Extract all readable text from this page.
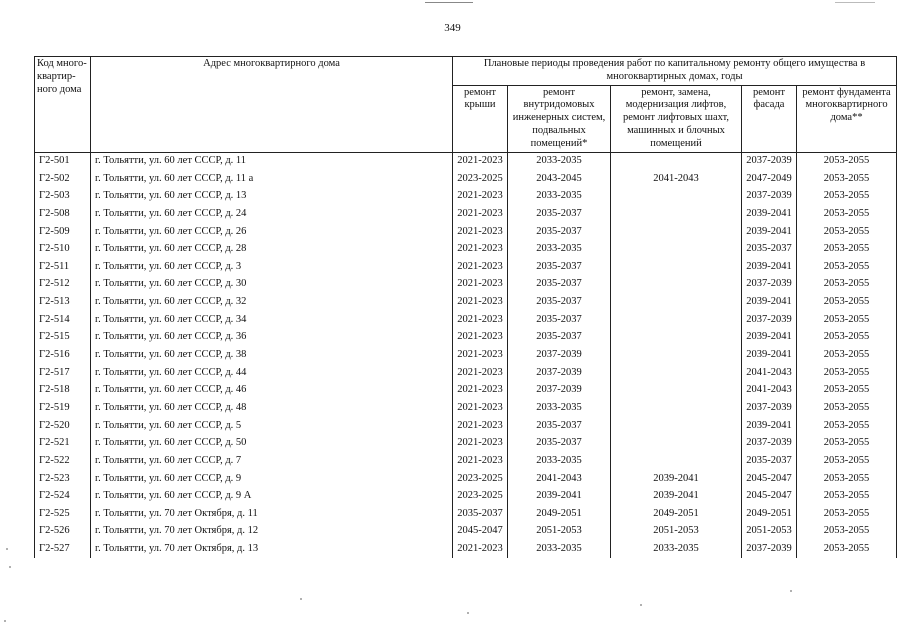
349
Код много-квартир-ного дома	Адрес многоквартирного дома	Плановые периоды проведения работ по капитальному ремонту общего имущества в многоквартирных домах, годы				
		ремонт крыши	ремонт внутридомовых инженерных систем, подвальных помещений*	ремонт, замена, модернизация лифтов, ремонт лифтовых шахт, машинных и блочных помещений	ремонт фасада	ремонт фундамента многоквартирного дома**
Г2-501	г. Тольятти, ул. 60 лет СССР, д. 11	2021-2023	2033-2035		2037-2039	2053-2055
Г2-502	г. Тольятти, ул. 60 лет СССР, д. 11 а	2023-2025	2043-2045	2041-2043	2047-2049	2053-2055
Г2-503	г. Тольятти, ул. 60 лет СССР, д. 13	2021-2023	2033-2035		2037-2039	2053-2055
Г2-508	г. Тольятти, ул. 60 лет СССР, д. 24	2021-2023	2035-2037		2039-2041	2053-2055
Г2-509	г. Тольятти, ул. 60 лет СССР, д. 26	2021-2023	2035-2037		2039-2041	2053-2055
Г2-510	г. Тольятти, ул. 60 лет СССР, д. 28	2021-2023	2033-2035		2035-2037	2053-2055
Г2-511	г. Тольятти, ул. 60 лет СССР, д. 3	2021-2023	2035-2037		2039-2041	2053-2055
Г2-512	г. Тольятти, ул. 60 лет СССР, д. 30	2021-2023	2035-2037		2037-2039	2053-2055
Г2-513	г. Тольятти, ул. 60 лет СССР, д. 32	2021-2023	2035-2037		2039-2041	2053-2055
Г2-514	г. Тольятти, ул. 60 лет СССР, д. 34	2021-2023	2035-2037		2037-2039	2053-2055
Г2-515	г. Тольятти, ул. 60 лет СССР, д. 36	2021-2023	2035-2037		2039-2041	2053-2055
Г2-516	г. Тольятти, ул. 60 лет СССР, д. 38	2021-2023	2037-2039		2039-2041	2053-2055
Г2-517	г. Тольятти, ул. 60 лет СССР, д. 44	2021-2023	2037-2039		2041-2043	2053-2055
Г2-518	г. Тольятти, ул. 60 лет СССР, д. 46	2021-2023	2037-2039		2041-2043	2053-2055
Г2-519	г. Тольятти, ул. 60 лет СССР, д. 48	2021-2023	2033-2035		2037-2039	2053-2055
Г2-520	г. Тольятти, ул. 60 лет СССР, д. 5	2021-2023	2035-2037		2039-2041	2053-2055
Г2-521	г. Тольятти, ул. 60 лет СССР, д. 50	2021-2023	2035-2037		2037-2039	2053-2055
Г2-522	г. Тольятти, ул. 60 лет СССР, д. 7	2021-2023	2033-2035		2035-2037	2053-2055
Г2-523	г. Тольятти, ул. 60 лет СССР, д. 9	2023-2025	2041-2043	2039-2041	2045-2047	2053-2055
Г2-524	г. Тольятти, ул. 60 лет СССР, д. 9 А	2023-2025	2039-2041	2039-2041	2045-2047	2053-2055
Г2-525	г. Тольятти, ул. 70 лет Октября, д. 11	2035-2037	2049-2051	2049-2051	2049-2051	2053-2055
Г2-526	г. Тольятти, ул. 70 лет Октября, д. 12	2045-2047	2051-2053	2051-2053	2051-2053	2053-2055
Г2-527	г. Тольятти, ул. 70 лет Октября, д. 13	2021-2023	2033-2035	2033-2035	2037-2039	2053-2055
